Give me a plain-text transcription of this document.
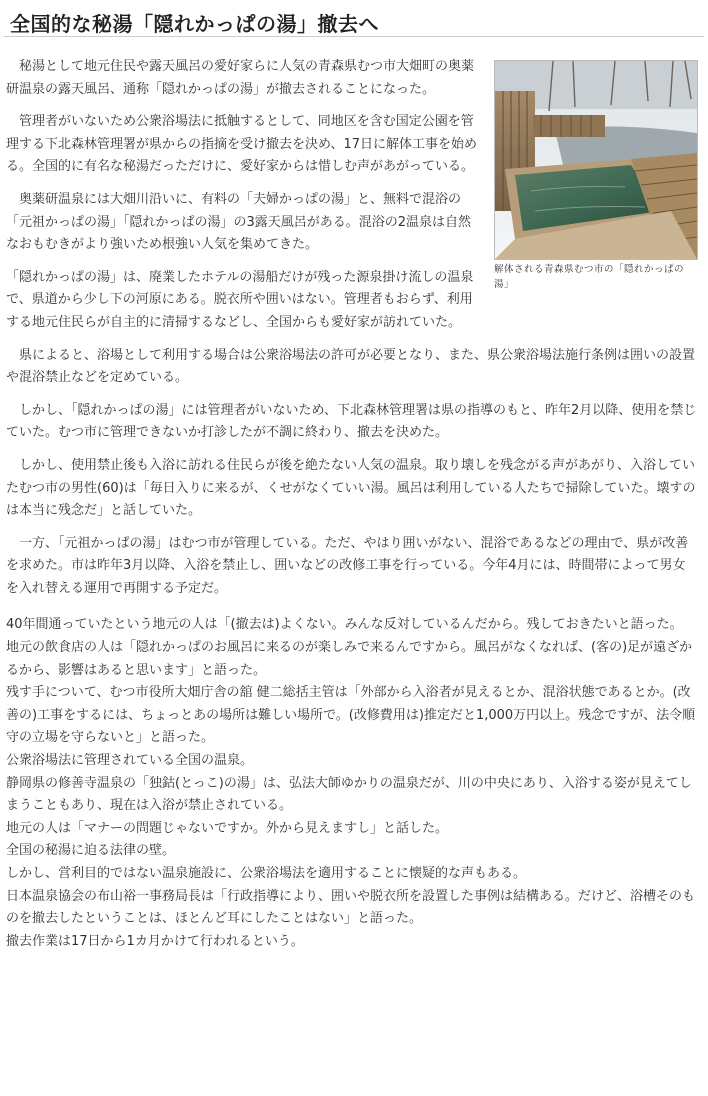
全国的な秘湯「隠れかっぱの湯」撤去へ
解体される青森県むつ市の「隠れかっぱの湯」

　秘湯として地元住民や露天風呂の愛好家らに人気の青森県むつ市大畑町の奥薬研温泉の露天風呂、通称「隠れかっぱの湯」が撤去されることになった。

　管理者がいないため公衆浴場法に抵触するとして、同地区を含む国定公園を管理する下北森林管理署が県からの指摘を受け撤去を決め、17日に解体工事を始める。全国的に有名な秘湯だっただけに、愛好家からは惜しむ声があがっている。

　奥薬研温泉には大畑川沿いに、有料の「夫婦かっぱの湯」と、無料で混浴の「元祖かっぱの湯」「隠れかっぱの湯」の3露天風呂がある。混浴の2温泉は自然なおもむきがより強いため根強い人気を集めてきた。

「隠れかっぱの湯」は、廃業したホテルの湯船だけが残った源泉掛け流しの温泉で、県道から少し下の河原にある。脱衣所や囲いはない。管理者もおらず、利用する地元住民らが自主的に清掃するなどし、全国からも愛好家が訪れていた。

　県によると、浴場として利用する場合は公衆浴場法の許可が必要となり、また、県公衆浴場法施行条例は囲いの設置や混浴禁止などを定めている。

　しかし、「隠れかっぱの湯」には管理者がいないため、下北森林管理署は県の指導のもと、昨年2月以降、使用を禁じていた。むつ市に管理できないか打診したが不調に終わり、撤去を決めた。

　しかし、使用禁止後も入浴に訪れる住民らが後を絶たない人気の温泉。取り壊しを残念がる声があがり、入浴していたむつ市の男性(60)は「毎日入りに来るが、くせがなくていい湯。風呂は利用している人たちで掃除していた。壊すのは本当に残念だ」と話していた。

　一方、「元祖かっぱの湯」はむつ市が管理している。ただ、やはり囲いがない、混浴であるなどの理由で、県が改善を求めた。市は昨年3月以降、入浴を禁止し、囲いなどの改修工事を行っている。今年4月には、時間帯によって男女を入れ替える運用で再開する予定だ。

40年間通っていたという地元の人は「(撤去は)よくない。みんな反対しているんだから。残しておきたいと語った。

地元の飲食店の人は「隠れかっぱのお風呂に来るのが楽しみで来るんですから。風呂がなくなれば、(客の)足が遠ざかるから、影響はあると思います」と語った。

残す手について、むつ市役所大畑庁舎の舘 健二総括主管は「外部から入浴者が見えるとか、混浴状態であるとか。(改善の)工事をするには、ちょっとあの場所は難しい場所で。(改修費用は)推定だと1,000万円以上。残念ですが、法令順守の立場を守らないと」と語った。

公衆浴場法に管理されている全国の温泉。

静岡県の修善寺温泉の「独鈷(とっこ)の湯」は、弘法大師ゆかりの温泉だが、川の中央にあり、入浴する姿が見えてしまうこともあり、現在は入浴が禁止されている。

地元の人は「マナーの問題じゃないですか。外から見えますし」と話した。

全国の秘湯に迫る法律の壁。

しかし、営利目的ではない温泉施設に、公衆浴場法を適用することに懐疑的な声もある。

日本温泉協会の布山裕一事務局長は「行政指導により、囲いや脱衣所を設置した事例は結構ある。だけど、浴槽そのものを撤去したということは、ほとんど耳にしたことはない」と語った。

撤去作業は17日から1カ月かけて行われるという。
